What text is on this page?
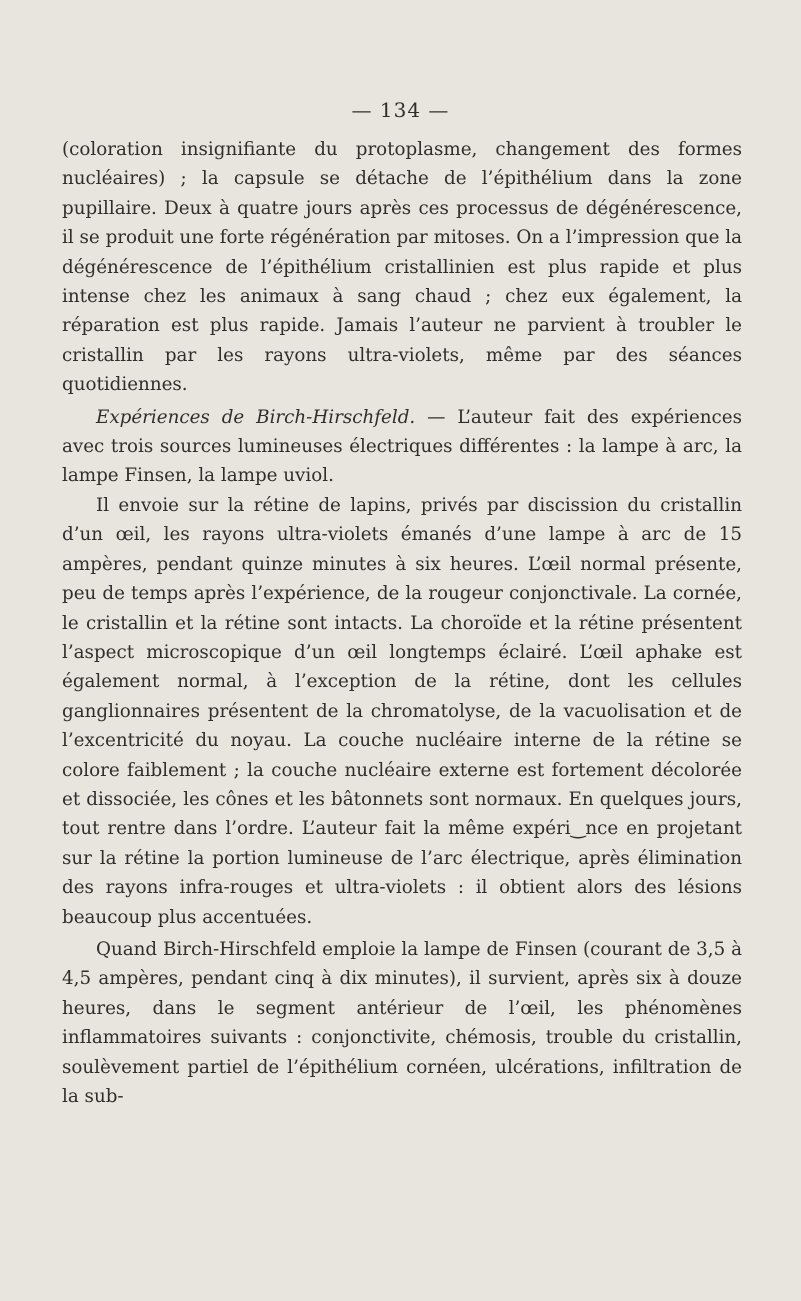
— 134 —

(coloration insignifiante du protoplasme, changement des formes nucléaires) ; la capsule se détache de l’épithélium dans la zone pupillaire. Deux à quatre jours après ces processus de dégénérescence, il se produit une forte régénération par mitoses. On a l’impression que la dégénérescence de l’épithélium cristallinien est plus rapide et plus intense chez les animaux à sang chaud ; chez eux également, la réparation est plus rapide. Jamais l’auteur ne parvient à troubler le cristallin par les rayons ultra-violets, même par des séances quotidiennes.

Expériences de Birch-Hirschfeld. — L’auteur fait des expériences avec trois sources lumineuses électriques différentes : la lampe à arc, la lampe Finsen, la lampe uviol.

Il envoie sur la rétine de lapins, privés par discission du cristallin d’un œil, les rayons ultra-violets émanés d’une lampe à arc de 15 ampères, pendant quinze minutes à six heures. L’œil normal présente, peu de temps après l’expérience, de la rougeur conjonctivale. La cornée, le cristallin et la rétine sont intacts. La choroïde et la rétine présentent l’aspect microscopique d’un œil longtemps éclairé. L’œil aphake est également normal, à l’exception de la rétine, dont les cellules ganglionnaires présentent de la chromatolyse, de la vacuolisation et de l’excentricité du noyau. La couche nucléaire interne de la rétine se colore faiblement ; la couche nucléaire externe est fortement décolorée et dissociée, les cônes et les bâtonnets sont normaux. En quelques jours, tout rentre dans l’ordre. L’auteur fait la même expéri‿nce en projetant sur la rétine la portion lumineuse de l’arc électrique, après élimination des rayons infra-rouges et ultra-violets : il obtient alors des lésions beaucoup plus accentuées.

Quand Birch-Hirschfeld emploie la lampe de Finsen (courant de 3,5 à 4,5 ampères, pendant cinq à dix minutes), il survient, après six à douze heures, dans le segment antérieur de l’œil, les phénomènes inflammatoires suivants : conjonctivite, chémosis, trouble du cristallin, soulèvement partiel de l’épithélium cornéen, ulcérations, infiltration de la sub-
